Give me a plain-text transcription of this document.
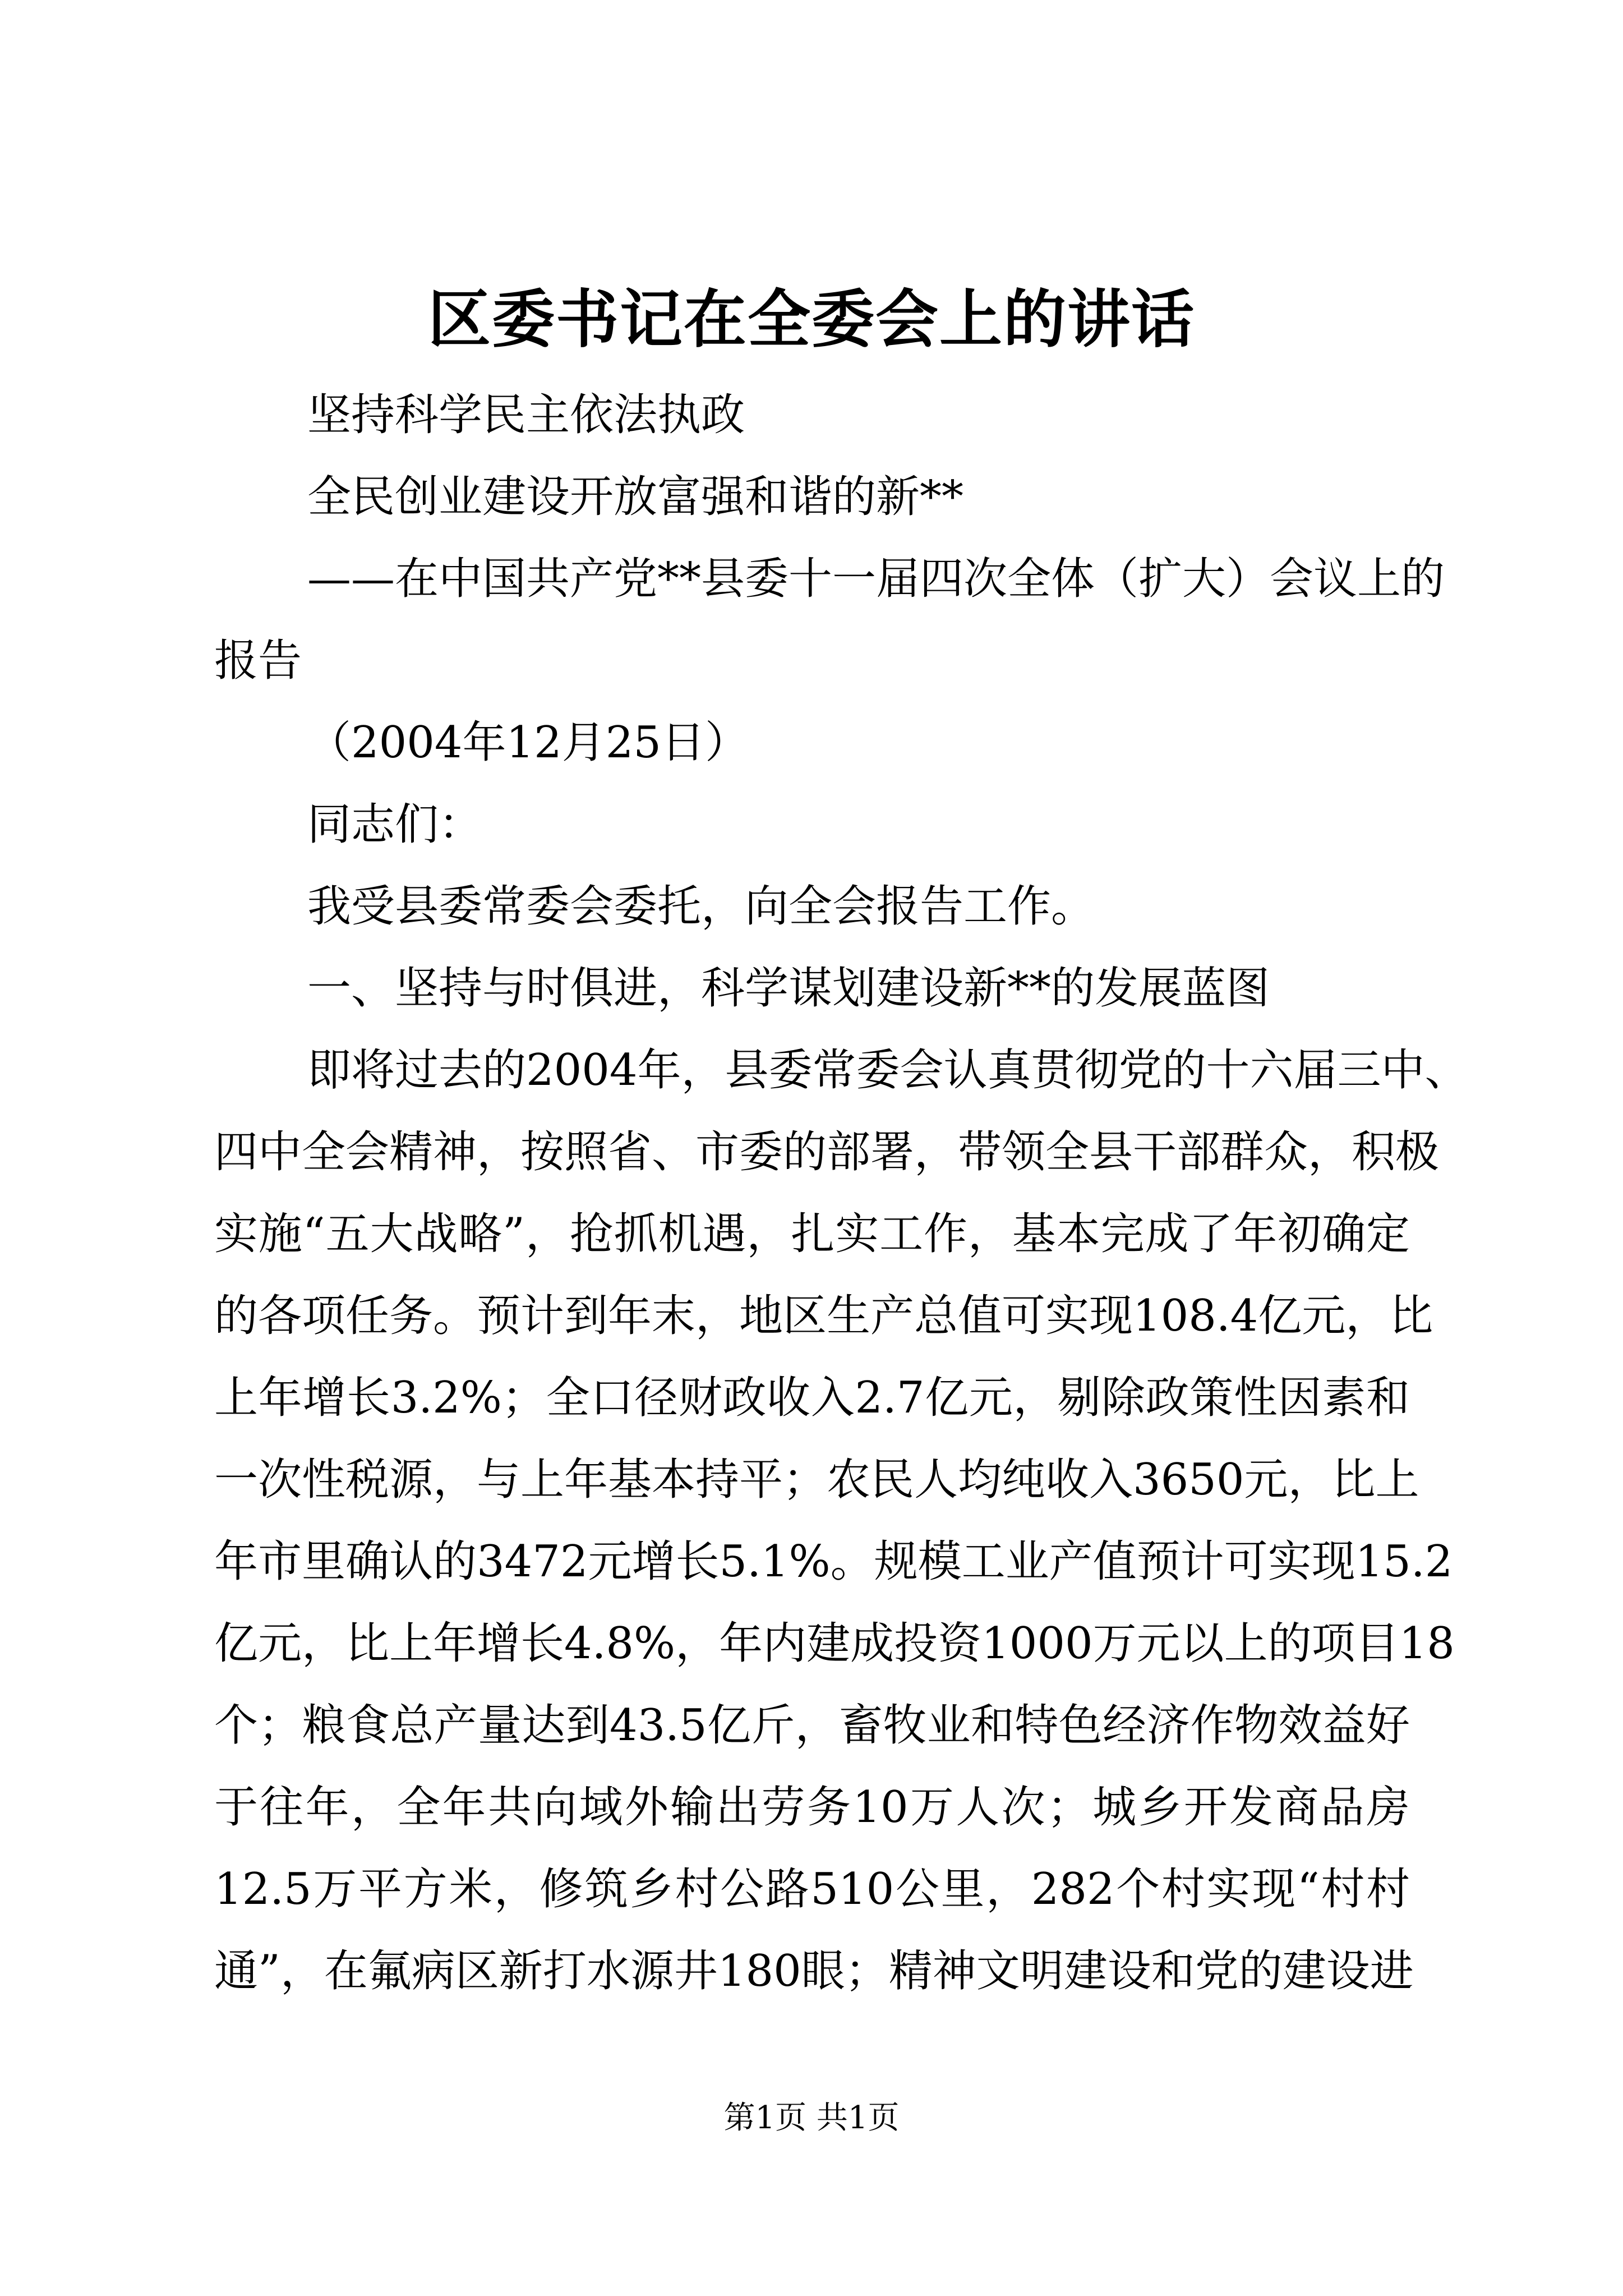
区委书记在全委会上的讲话

坚持科学民主依法执政

全民创业建设开放富强和谐的新**

——在中国共产党**县委十一届四次全体（扩大）会议上的

报告

（2004年12月25日）

同志们：

我受县委常委会委托，向全会报告工作。

一、坚持与时俱进，科学谋划建设新**的发展蓝图

即将过去的2004年，县委常委会认真贯彻党的十六届三中、

四中全会精神，按照省、市委的部署，带领全县干部群众，积极

实施“五大战略”，抢抓机遇，扎实工作，基本完成了年初确定

的各项任务。预计到年末，地区生产总值可实现108.4亿元，比

上年增长3.2%；全口径财政收入2.7亿元，剔除政策性因素和

一次性税源，与上年基本持平；农民人均纯收入3650元，比上

年市里确认的3472元增长5.1%。规模工业产值预计可实现15.2

亿元，比上年增长4.8%，年内建成投资1000万元以上的项目18

个；粮食总产量达到43.5亿斤，畜牧业和特色经济作物效益好

于往年，全年共向域外输出劳务10万人次；城乡开发商品房

12.5万平方米，修筑乡村公路510公里，282个村实现“村村

通”，在氟病区新打水源井180眼；精神文明建设和党的建设进

第1页 共1页
